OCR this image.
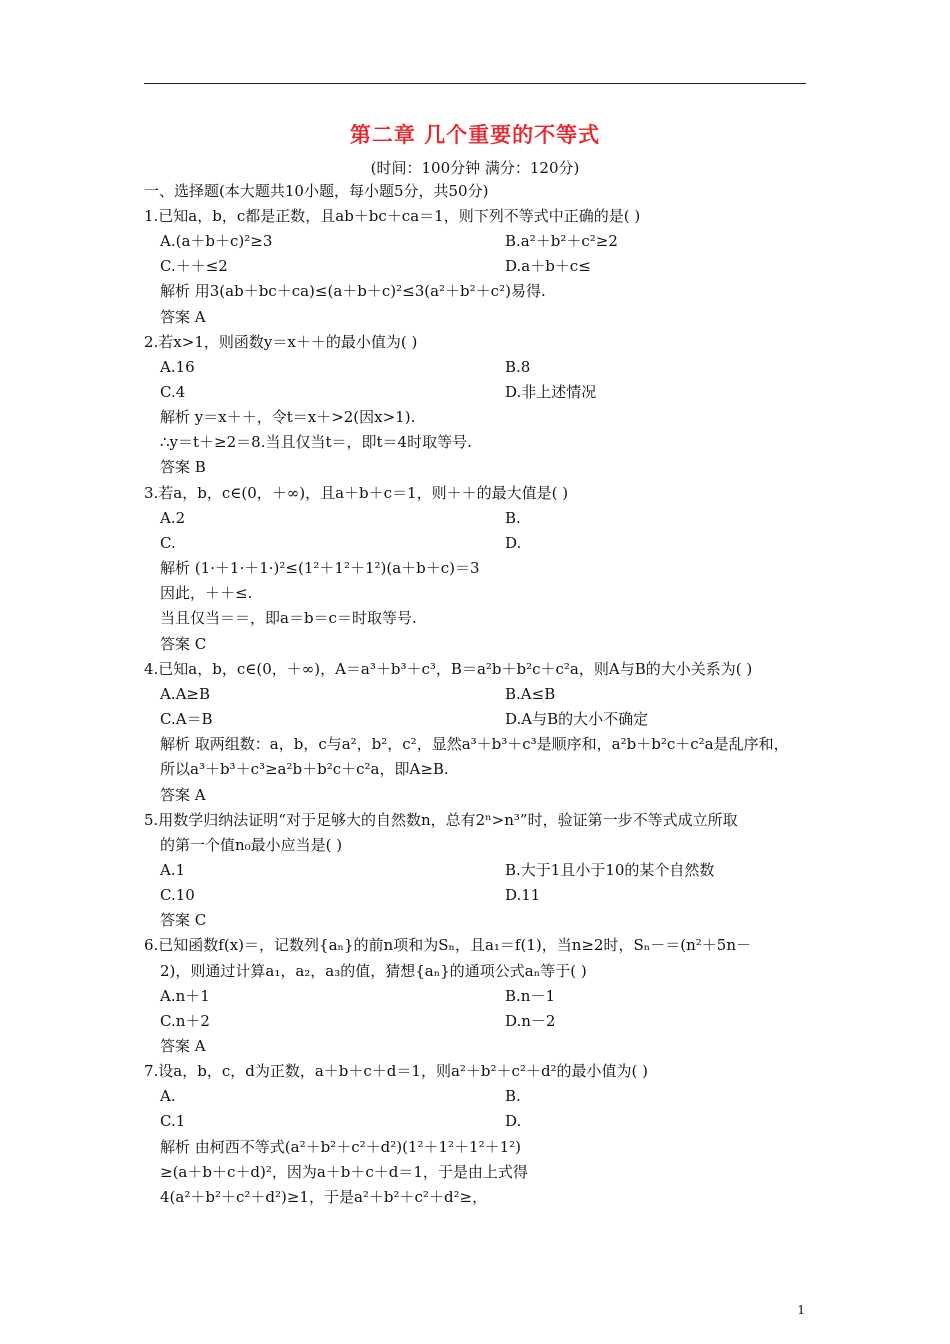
第二章 几个重要的不等式
(时间：100分钟 满分：120分)
一、选择题(本大题共10小题，每小题5分，共50分)
1.已知a，b，c都是正数，且ab＋bc＋ca＝1，则下列不等式中正确的是( )
A.(a＋b＋c)²≥3	B.a²＋b²＋c²≥2
C.＋＋≤2	D.a＋b＋c≤
解析 用3(ab＋bc＋ca)≤(a＋b＋c)²≤3(a²＋b²＋c²)易得.
答案 A
2.若x>1，则函数y＝x＋＋的最小值为( )
A.16	B.8
C.4	D.非上述情况
解析 y＝x＋＋，令t＝x＋>2(因x>1).
∴y＝t＋≥2＝8.当且仅当t＝，即t＝4时取等号.
答案 B
3.若a，b，c∈(0，＋∞)，且a＋b＋c＝1，则＋＋的最大值是( )
A.2	B.
C.	D.
解析 (1·＋1·＋1·)²≤(1²＋1²＋1²)(a＋b＋c)＝3
因此，＋＋≤.
当且仅当＝＝，即a＝b＝c＝时取等号.
答案 C
4.已知a，b，c∈(0，＋∞)，A＝a³＋b³＋c³，B＝a²b＋b²c＋c²a，则A与B的大小关系为( )
A.A≥B	B.A≤B
C.A＝B	D.A与B的大小不确定
解析 取两组数：a，b，c与a²，b²，c²，显然a³＋b³＋c³是顺序和，a²b＋b²c＋c²a是乱序和，
所以a³＋b³＋c³≥a²b＋b²c＋c²a，即A≥B.
答案 A
5.用数学归纳法证明“对于足够大的自然数n，总有2ⁿ>n³”时，验证第一步不等式成立所取
的第一个值n₀最小应当是( )
A.1	B.大于1且小于10的某个自然数
C.10	D.11
答案 C
6.已知函数f(x)＝，记数列{aₙ}的前n项和为Sₙ，且a₁＝f(1)，当n≥2时，Sₙ－＝(n²＋5n－
2)，则通过计算a₁，a₂，a₃的值，猜想{aₙ}的通项公式aₙ等于( )
A.n＋1	B.n－1
C.n＋2	D.n－2
答案 A
7.设a，b，c，d为正数，a＋b＋c＋d＝1，则a²＋b²＋c²＋d²的最小值为( )
A.	B.
C.1	D.
解析 由柯西不等式(a²＋b²＋c²＋d²)(1²＋1²＋1²＋1²)
≥(a＋b＋c＋d)²，因为a＋b＋c＋d＝1，于是由上式得
4(a²＋b²＋c²＋d²)≥1，于是a²＋b²＋c²＋d²≥，
1
